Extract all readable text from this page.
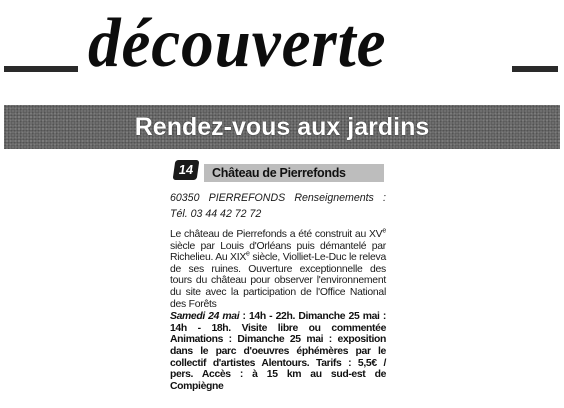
découverte
Rendez-vous aux jardins
14	Château de Pierrefonds
60350 PIERREFONDS Renseignements :
Tél. 03 44 42 72 72
Le château de Pierrefonds a été construit au XVe siècle par Louis d'Orléans puis démantelé par Richelieu. Au XIXe siècle, Violliet-Le-Duc le releva de ses ruines. Ouverture exceptionnelle des tours du château pour observer l'environnement du site avec la participation de l'Office National des Forêts
Samedi 24 mai : 14h - 22h. Dimanche 25 mai : 14h - 18h. Visite libre ou commentée Animations : Dimanche 25 mai : exposition dans le parc d'oeuvres éphémères par le collectif d'artistes Alentours. Tarifs : 5,5€ / pers. Accès : à 15 km au sud-est de Compiègne
